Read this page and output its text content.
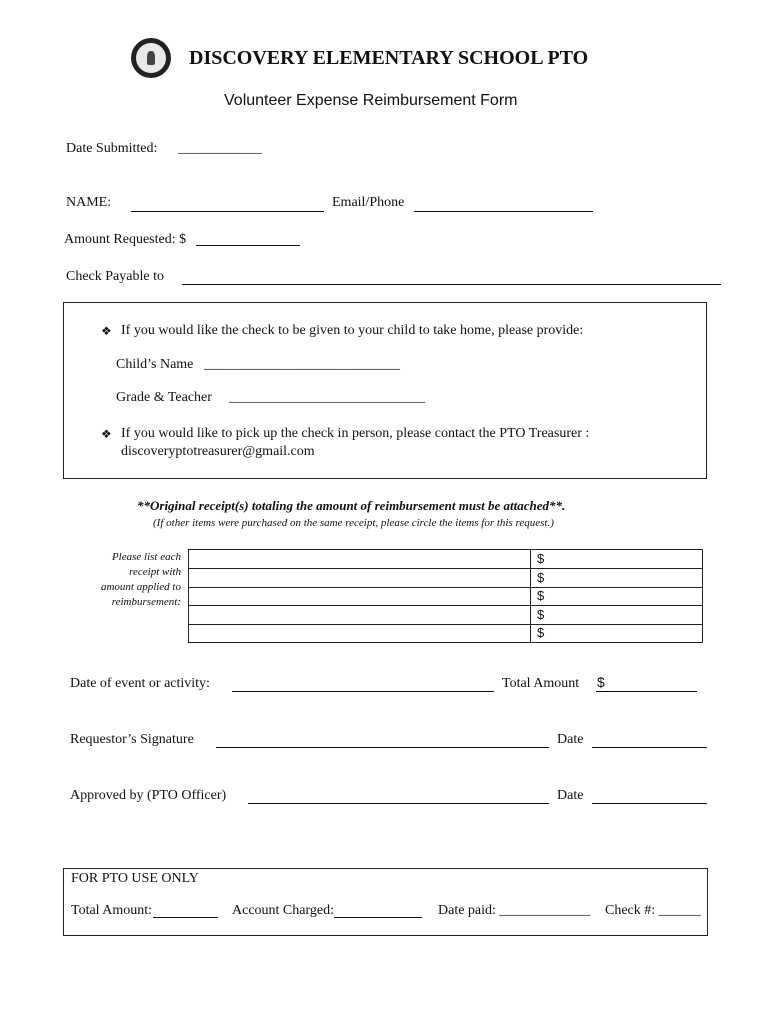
DISCOVERY ELEMENTARY SCHOOL PTO
Volunteer Expense Reimbursement Form
Date Submitted: ____________
NAME:	Email/Phone
Amount Requested: $
Check Payable to
❖ If you would like the check to be given to your child to take home, please provide:
Child’s Name ____________________________
Grade & Teacher ____________________________
❖ If you would like to pick up the check in person, please contact the PTO Treasurer :
discoveryptotreasurer@gmail.com
**Original receipt(s) totaling the amount of reimbursement must be attached**.
(If other items were purchased on the same receipt, please circle the items for this request.)
Please list each
receipt with
amount applied to
reimbursement:
$
$
$
$
$
Date of event or activity:	Total Amount $
Requestor’s Signature	Date
Approved by (PTO Officer)	Date
FOR PTO USE ONLY
Total Amount:	Account Charged:	Date paid: _____________ Check #: ______
